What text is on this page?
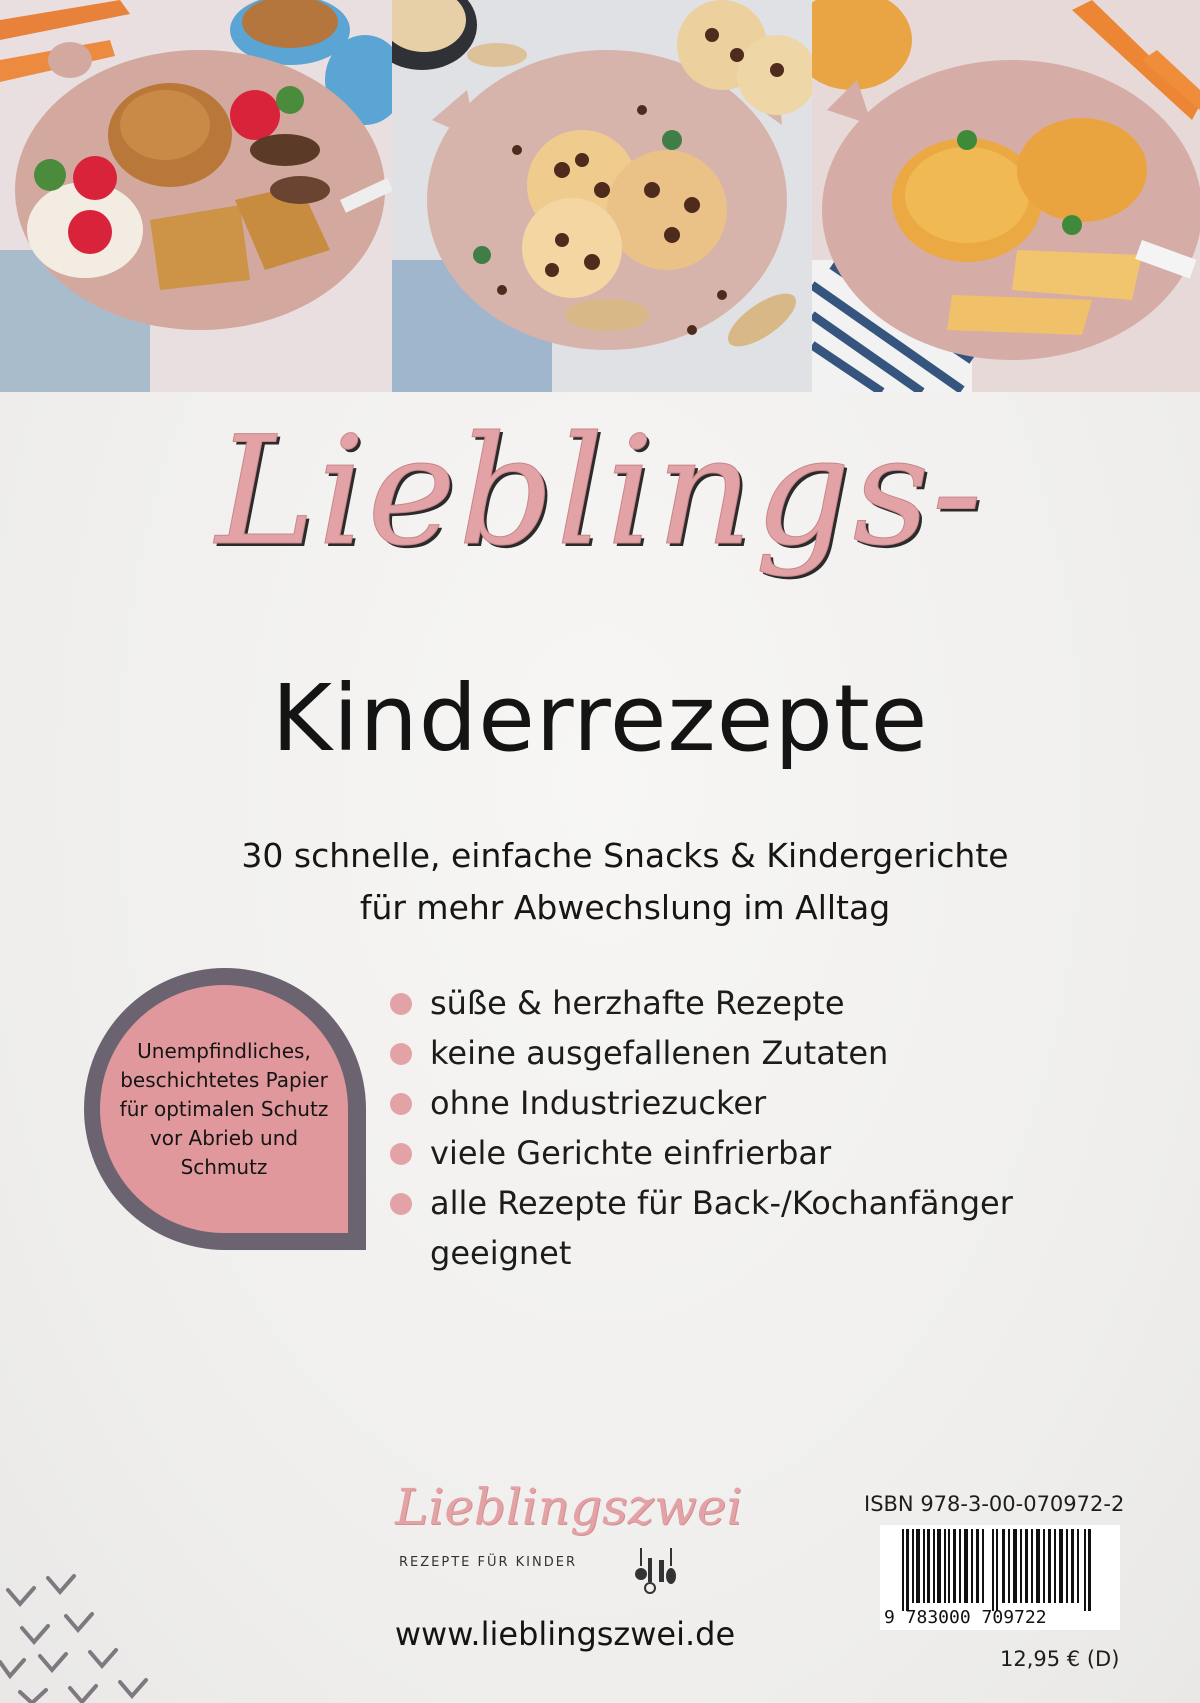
Lieblings-
Kinderrezepte
30 schnelle, einfache Snacks & Kindergerichte
für mehr Abwechslung im Alltag
Unempfindliches, beschichtetes Papier für optimalen Schutz vor Abrieb und Schmutz
süße & herzhafte Rezepte
keine ausgefallenen Zutaten
ohne Industriezucker
viele Gerichte einfrierbar
alle Rezepte für Back-/Kochanfänger geeignet
Lieblingszwei
REZEPTE FÜR KINDER
www.lieblingszwei.de
ISBN 978-3-00-070972-2
9 783000 709722
12,95 € (D)
